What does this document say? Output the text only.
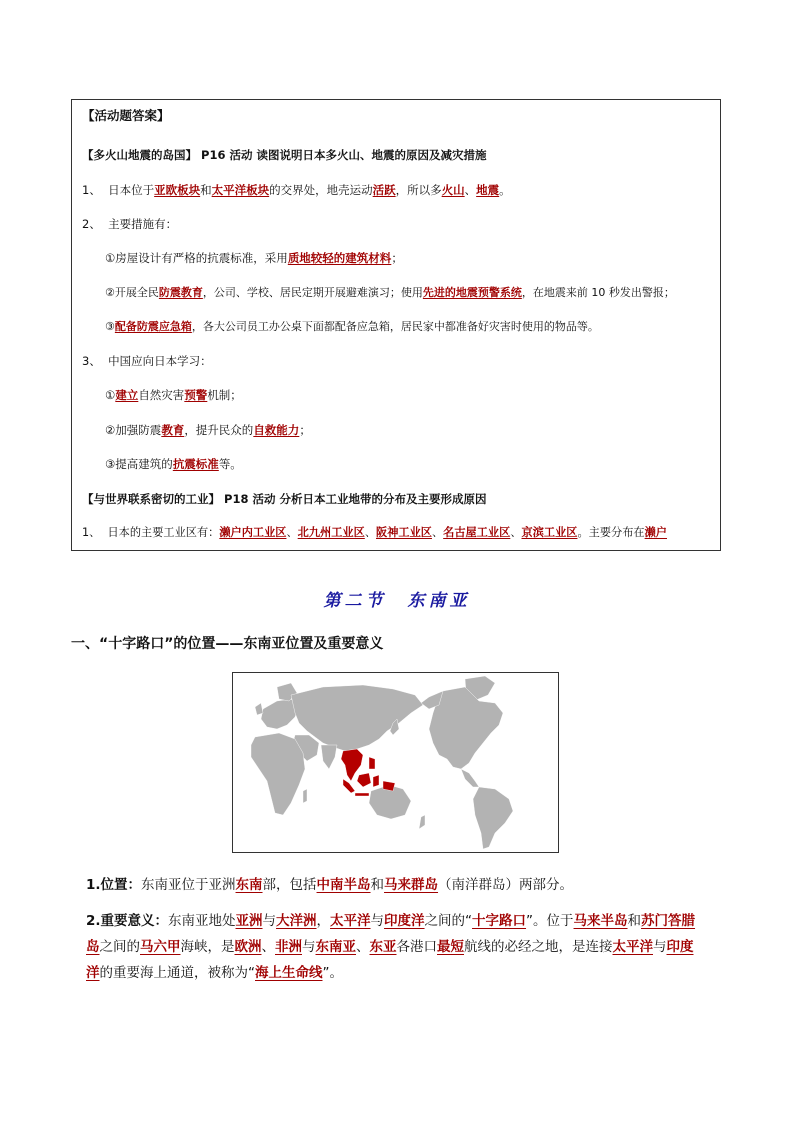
【活动题答案】
【多火山地震的岛国】 P16 活动 读图说明日本多火山、地震的原因及减灾措施
1、 日本位于亚欧板块和太平洋板块的交界处，地壳运动活跃，所以多火山、地震。
2、 主要措施有：
①房屋设计有严格的抗震标准，采用质地较轻的建筑材料；
②开展全民防震教育，公司、学校、居民定期开展避难演习；使用先进的地震预警系统，在地震来前 10 秒发出警报；
③配备防震应急箱，各大公司员工办公桌下面都配备应急箱，居民家中都准备好灾害时使用的物品等。
3、 中国应向日本学习：
①建立自然灾害预警机制；
②加强防震教育，提升民众的自救能力；
③提高建筑的抗震标准等。
【与世界联系密切的工业】 P18 活动 分析日本工业地带的分布及主要形成原因
1、 日本的主要工业区有：濑户内工业区、北九州工业区、阪神工业区、名古屋工业区、京滨工业区。主要分布在濑户
第二节　东南亚
一、“十字路口”的位置——东南亚位置及重要意义
1.位置：东南亚位于亚洲东南部，包括中南半岛和马来群岛（南洋群岛）两部分。
2.重要意义：东南亚地处亚洲与大洋洲，太平洋与印度洋之间的“十字路口”。位于马来半岛和苏门答腊
岛之间的马六甲海峡，是欧洲、非洲与东南亚、东亚各港口最短航线的必经之地，是连接太平洋与印度
洋的重要海上通道，被称为“海上生命线”。
